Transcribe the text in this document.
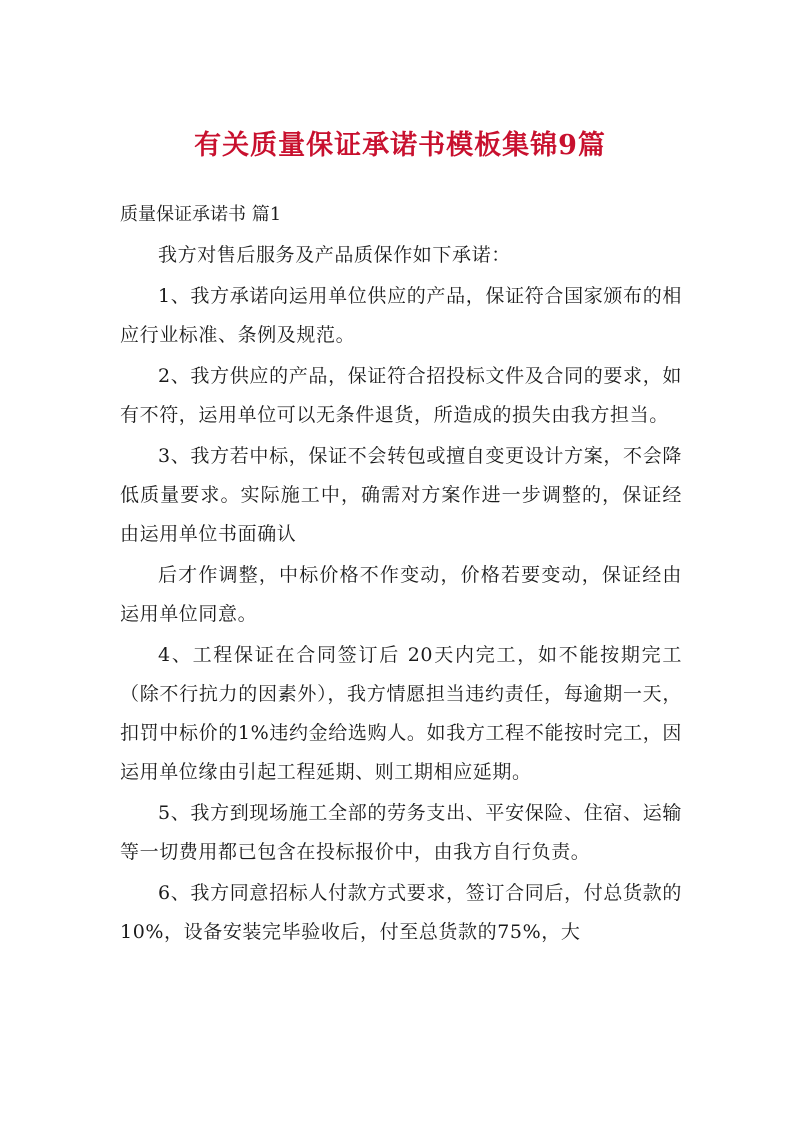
有关质量保证承诺书模板集锦9篇
质量保证承诺书 篇1

我方对售后服务及产品质保作如下承诺：

1、我方承诺向运用单位供应的产品，保证符合国家颁布的相应行业标准、条例及规范。

2、我方供应的产品，保证符合招投标文件及合同的要求，如有不符，运用单位可以无条件退货，所造成的损失由我方担当。

3、我方若中标，保证不会转包或擅自变更设计方案，不会降低质量要求。实际施工中，确需对方案作进一步调整的，保证经由运用单位书面确认

后才作调整，中标价格不作变动，价格若要变动，保证经由运用单位同意。

4、工程保证在合同签订后 20天内完工，如不能按期完工（除不行抗力的因素外），我方情愿担当违约责任，每逾期一天，扣罚中标价的1%违约金给选购人。如我方工程不能按时完工，因运用单位缘由引起工程延期、则工期相应延期。

5、我方到现场施工全部的劳务支出、平安保险、住宿、运输等一切费用都已包含在投标报价中，由我方自行负责。

6、我方同意招标人付款方式要求，签订合同后，付总货款的10%，设备安装完毕验收后，付至总货款的75%，大
